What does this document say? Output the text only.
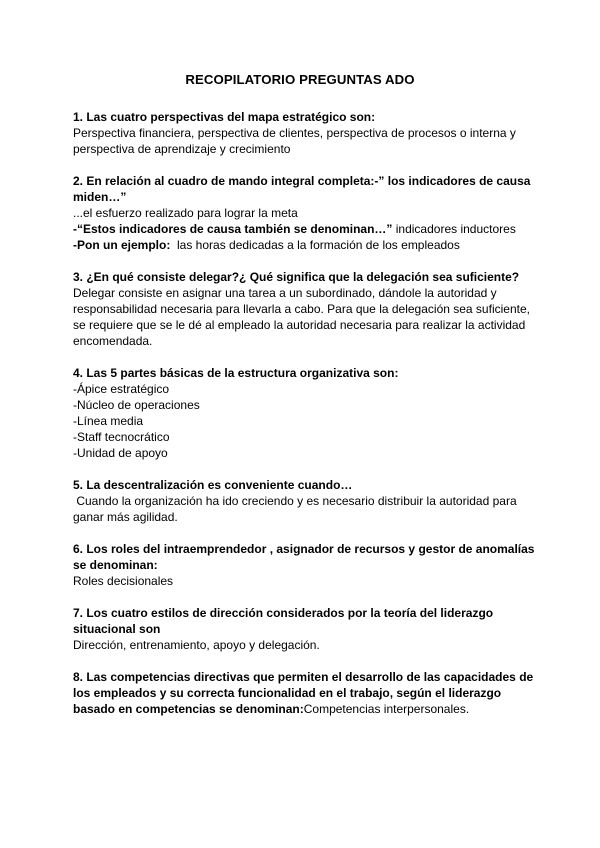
RECOPILATORIO PREGUNTAS ADO

1. Las cuatro perspectivas del mapa estratégico son:

Perspectiva financiera, perspectiva de clientes, perspectiva de procesos o interna y perspectiva de aprendizaje y crecimiento

2. En relación al cuadro de mando integral completa:-” los indicadores de causa miden…”

...el esfuerzo realizado para lograr la meta

-“Estos indicadores de causa también se denominan…” indicadores inductores

-Pon un ejemplo:  las horas dedicadas a la formación de los empleados

3. ¿En qué consiste delegar?¿ Qué significa que la delegación sea suficiente?

Delegar consiste en asignar una tarea a un subordinado, dándole la autoridad y responsabilidad necesaria para llevarla a cabo. Para que la delegación sea suficiente, se requiere que se le dé al empleado la autoridad necesaria para realizar la actividad encomendada.

4. Las 5 partes básicas de la estructura organizativa son:

-Ápice estratégico

-Núcleo de operaciones

-Línea media

-Staff tecnocrático

-Unidad de apoyo

5. La descentralización es conveniente cuando…

Cuando la organización ha ido creciendo y es necesario distribuir la autoridad para ganar más agilidad.

6. Los roles del intraemprendedor , asignador de recursos y gestor de anomalías se denominan:

Roles decisionales

7. Los cuatro estilos de dirección considerados por la teoría del liderazgo situacional son

Dirección, entrenamiento, apoyo y delegación.

8. Las competencias directivas que permiten el desarrollo de las capacidades de los empleados y su correcta funcionalidad en el trabajo, según el liderazgo basado en competencias se denominan:Competencias interpersonales.
